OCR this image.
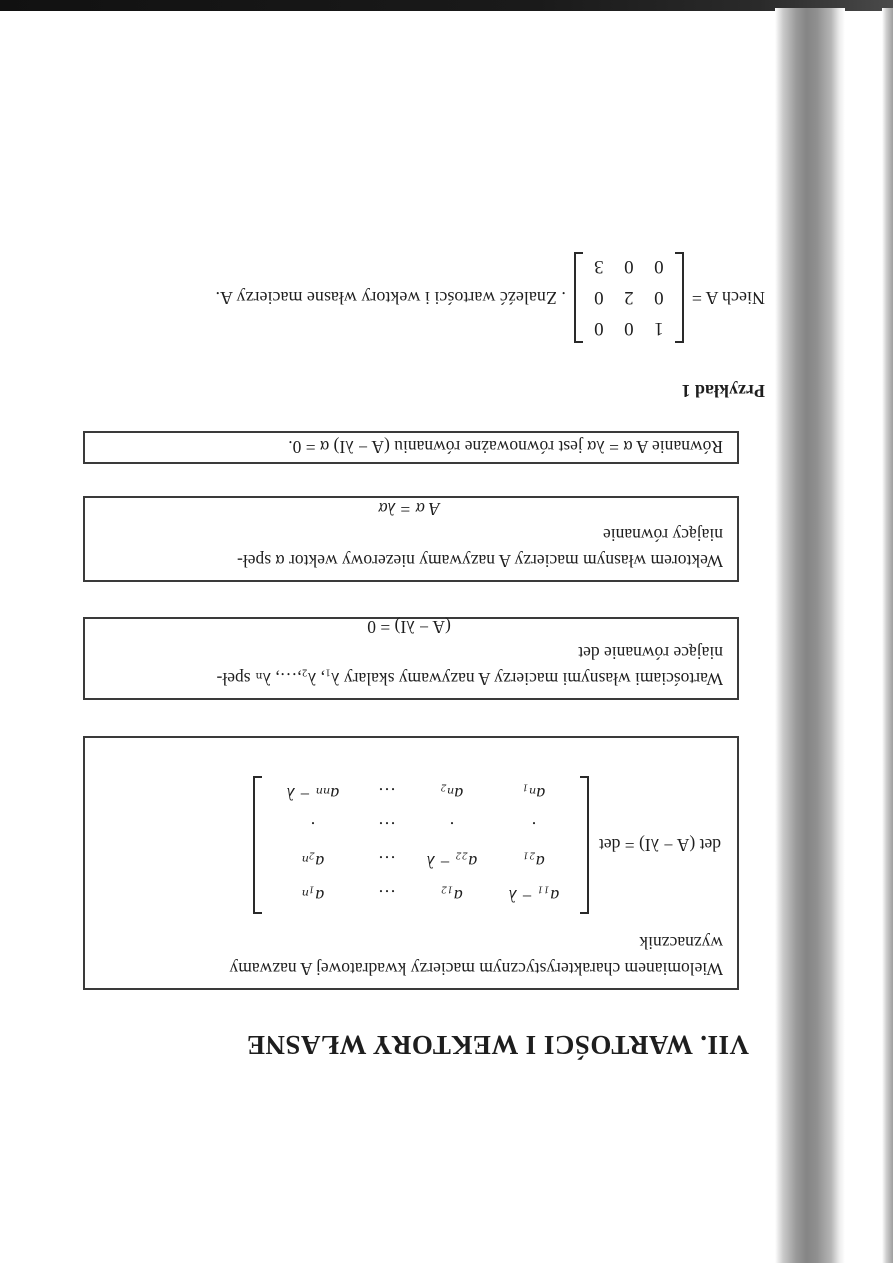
VII. WARTOŚCI I WEKTORY WŁASNE

Wielomianem charakterystycznym macierzy kwadratowej A nazwamy

wyznacznik

det (A − λI) = det
a₁₁ − λ
a₁₂
…
a₁ₙ
a₂₁
a₂₂ − λ
…
a₂ₙ
.
.
…
.
aₙ₁
aₙ₂
…
aₙₙ − λ

Wartościami własnymi macierzy A nazywamy skalary λ₁, λ₂,…, λₙ speł-

niające równanie det

(A − λI) = 0

Wektorem własnym macierzy A nazywamy niezerowy wektor α speł-

niający równanie

A α = λα

Równanie A α = λα jest równoważne równaniu (A − λI) α = 0.

Przykład 1
Niech A =
1
0
0
0
2
0
0
0
3
. Znaleźć wartości i wektory własne macierzy A.
